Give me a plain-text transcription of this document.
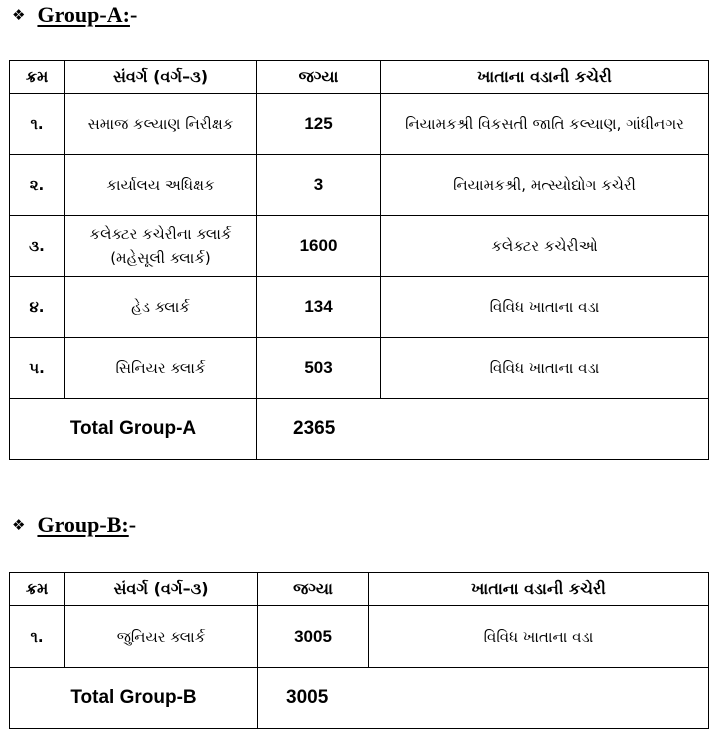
❖ Group-A: -
ક્રમ	સંવર્ગ (વર્ગ–૩)	જગ્યા	ખાતાના વડાની કચેરી
૧.	સમાજ કલ્યાણ નિરીક્ષક	125	નિયામકશ્રી વિકસતી જાતિ કલ્યાણ, ગાંધીનગર
૨.	કાર્યાલય અધિક્ષક	3	નિયામકશ્રી, મત્સ્યોદ્યોગ કચેરી
૩.	કલેક્ટર કચેરીના ક્લાર્ક (મહેસૂલી ક્લાર્ક)	1600	કલેક્ટર કચેરીઓ
૪.	હેડ ક્લાર્ક	134	વિવિધ ખાતાના વડા
૫.	સિનિયર ક્લાર્ક	503	વિવિધ ખાતાના વડા
Total Group-A		2365	
❖ Group-B: -
ક્રમ	સંવર્ગ (વર્ગ–૩)	જગ્યા	ખાતાના વડાની કચેરી
૧.	જુનિયર ક્લાર્ક	3005	વિવિધ ખાતાના વડા
Total Group-B		3005	
